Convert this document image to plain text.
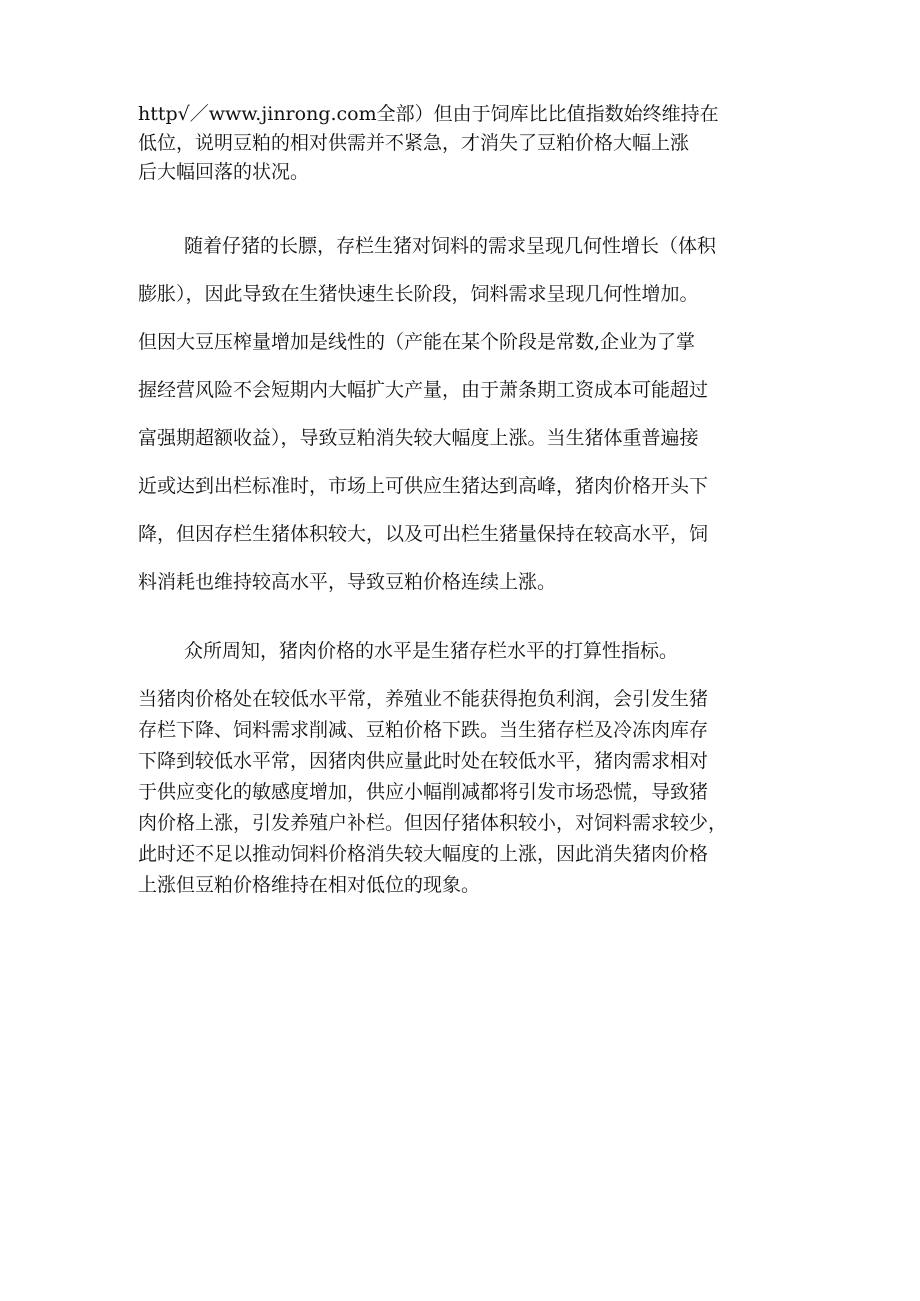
http√／www.jinrong.com全部）但由于饲库比比值指数始终维持在
低位，说明豆粕的相对供需并不紧急，才消失了豆粕价格大幅上涨
后大幅回落的状况。
随着仔猪的长膘，存栏生猪对饲料的需求呈现几何性增长（体积
膨胀），因此导致在生猪快速生长阶段，饲料需求呈现几何性增加。
但因大豆压榨量增加是线性的（产能在某个阶段是常数,企业为了掌
握经营风险不会短期内大幅扩大产量，由于萧条期工资成本可能超过
富强期超额收益），导致豆粕消失较大幅度上涨。当生猪体重普遍接
近或达到出栏标准时，市场上可供应生猪达到高峰，猪肉价格开头下
降，但因存栏生猪体积较大，以及可出栏生猪量保持在较高水平，饲
料消耗也维持较高水平，导致豆粕价格连续上涨。
众所周知，猪肉价格的水平是生猪存栏水平的打算性指标。
当猪肉价格处在较低水平常，养殖业不能获得抱负利润，会引发生猪
存栏下降、饲料需求削减、豆粕价格下跌。当生猪存栏及冷冻肉库存
下降到较低水平常，因猪肉供应量此时处在较低水平，猪肉需求相对
于供应变化的敏感度增加，供应小幅削减都将引发市场恐慌，导致猪
肉价格上涨，引发养殖户补栏。但因仔猪体积较小，对饲料需求较少，
此时还不足以推动饲料价格消失较大幅度的上涨，因此消失猪肉价格
上涨但豆粕价格维持在相对低位的现象。
